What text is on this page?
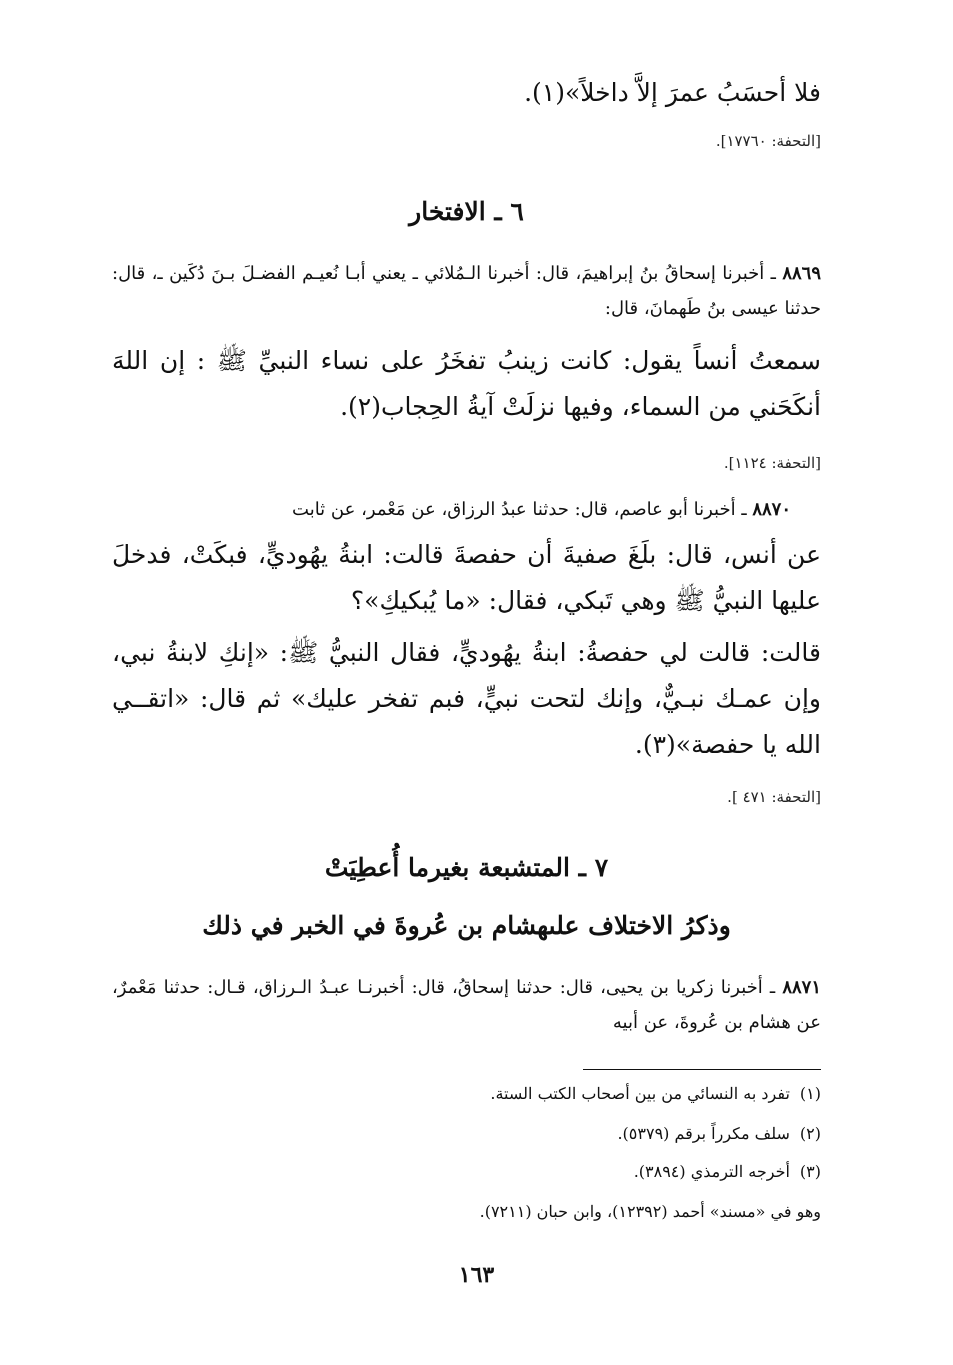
فلا أحسَبُ عمرَ إلاَّ داخلاً»(١).
[التحفة: ١٧٧٦٠].
٦ ـ الافتخار
٨٨٦٩ ـ أخبرنا إسحاقُ بنُ إبراهيمَ، قال: أخبرنا الـمُلائي ـ يعني أبـا نُعيـم الفضـلَ بـنَ دُكَين ـ، قال: حدثنا عيسى بنُ طَهمانَ، قال:
سمعتُ أنساً يقول: كانت زينبُ تفخَرُ على نساء النبيِّ ﷺ : إن اللهَ أنكَحَني من السماء، وفيها نزلَتْ آيةُ الحِجاب(٢).
[التحفة: ١١٢٤].
٨٨٧٠ ـ أخبرنا أبو عاصم، قال: حدثنا عبدُ الرزاق، عن مَعْمر، عن ثابت
عن أنس، قال: بلَغَ صفيةَ أن حفصةَ قالت: ابنةُ يهُوديٍّ، فبكَتْ، فدخلَ عليها النبيُّ ﷺ وهي تَبكي، فقال: «ما يُبكيكِ»؟
قالت: قالت لي حفصةُ: ابنةُ يهُوديٍّ، فقال النبيُّ ﷺ: «إنكِ لابنةُ نبي، وإن عمـك نبـيٌّ، وإنك لتحت نبيٍّ، فبم تفخر عليك» ثم قال: «اتقــي الله يا حفصة»(٣).
[التحفة: ٤٧١ ].
٧ ـ المتشبعة بغيرما أُعطِيَتْ
وذكرُ الاختلاف علىهشام بن عُروةَ في الخبر في ذلك
٨٨٧١ ـ أخبرنا زكريا بن يحيى، قال: حدثنا إسحاقُ، قال: أخبرنـا عبـدُ الـرزاق، قـال: حدثنا مَعْمرٌ، عن هشام بن عُروةَ، عن أبيه
(١)تفرد به النسائي من بين أصحاب الكتب الستة.
(٢)سلف مكرراً برقم (٥٣٧٩).
(٣)أخرجه الترمذي (٣٨٩٤).
وهو في «مسند» أحمد (١٢٣٩٢)، وابن حبان (٧٢١١).
١٦٣
